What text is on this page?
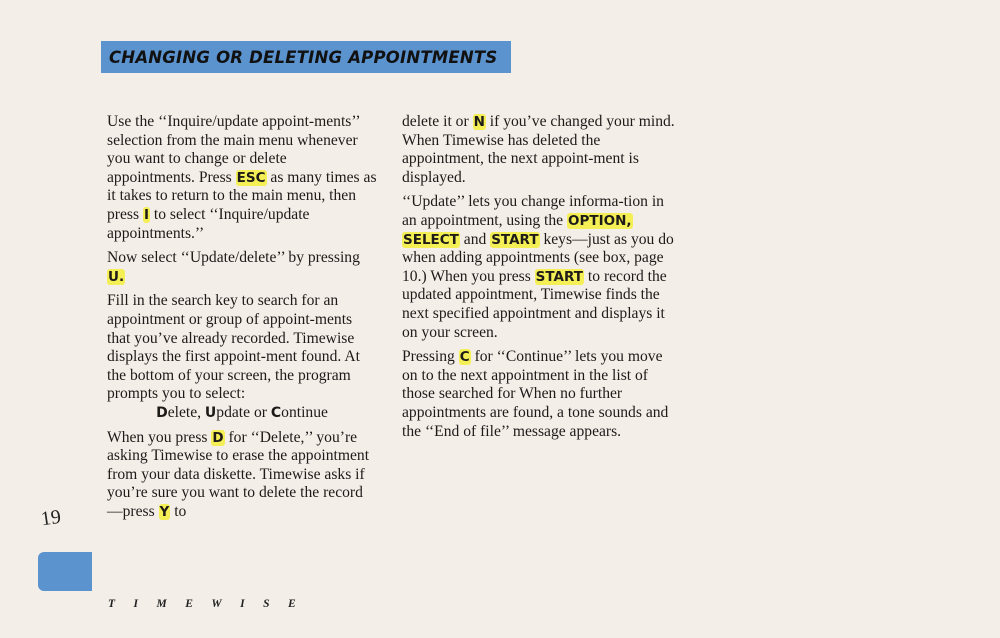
CHANGING OR DELETING APPOINTMENTS

Use the ‘‘Inquire/update appoint-ments’’ selection from the main menu whenever you want to change or delete appointments. Press ESC as many times as it takes to return to the main menu, then press I to select ‘‘Inquire/update appointments.’’

Now select ‘‘Update/delete’’ by pressing U.

Fill in the search key to search for an appointment or group of appoint-ments that you’ve already recorded. Timewise displays the first appoint-ment found. At the bottom of your screen, the program prompts you to select:

Delete, Update or Continue

When you press D for ‘‘Delete,’’ you’re asking Timewise to erase the appointment from your data diskette. Timewise asks if you’re sure you want to delete the record—press Y to

delete it or N if you’ve changed your mind. When Timewise has deleted the appointment, the next appoint-ment is displayed.

‘‘Update’’ lets you change informa-tion in an appointment, using the OPTION, SELECT and START keys—just as you do when adding appointments (see box, page 10.) When you press START to record the updated appointment, Timewise finds the next specified appointment and displays it on your screen.

Pressing C for ‘‘Continue’’ lets you move on to the next appointment in the list of those searched for When no further appointments are found, a tone sounds and the ‘‘End of file’’ message appears.

19
TIMEWISE
